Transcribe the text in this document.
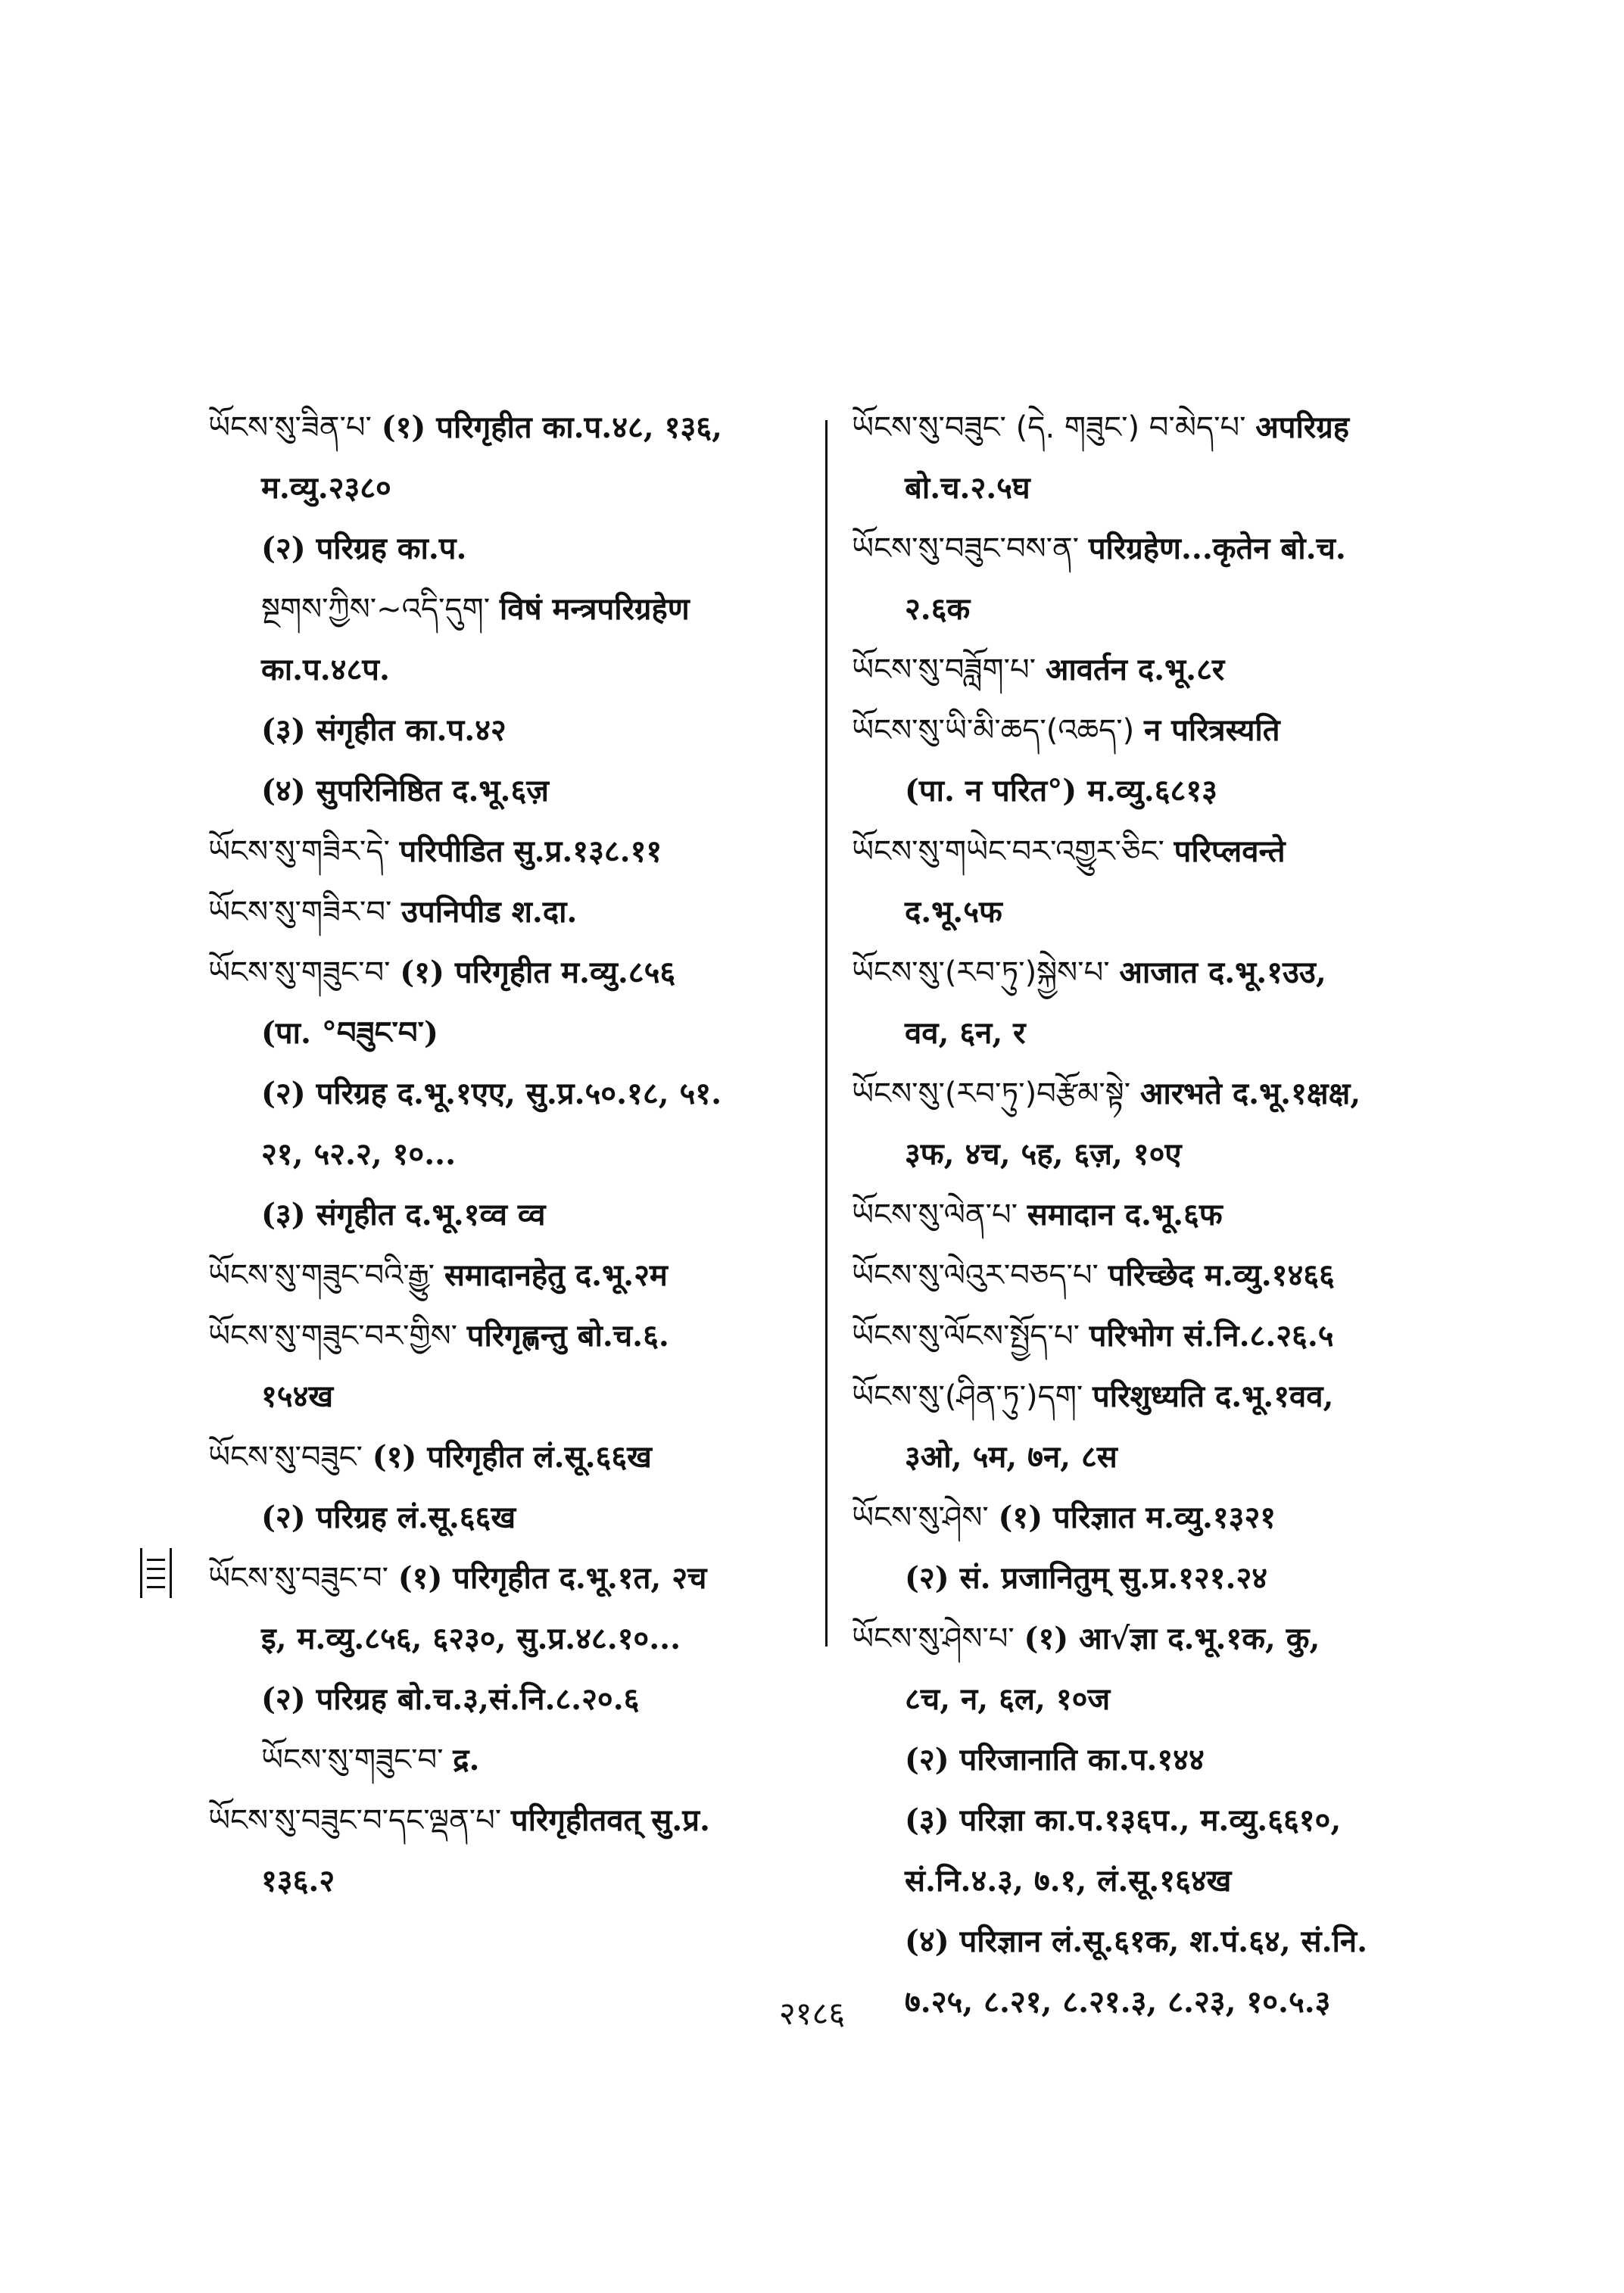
ཡོངས་སུ་ཟིན་པ་ (१) परिगृहीत का.प.४८, १३६,
म.व्यु.२३८०
(२) परिग्रह का.प.
སྔགས་ཀྱིས་~འདི་དུག་ विषं मन्त्रपरिग्रहेण
का.प.४८प.
(३) संगृहीत का.प.४२
(४) सुपरिनिष्ठित द.भू.६ज़
ཡོངས་སུ་གཟིར་དེ་ परिपीडित सु.प्र.१३८.११
ཡོངས་སུ་གཟིར་བ་ उपनिपीड श.दा.
ཡོངས་སུ་གཟུང་བ་ (१) परिगृहीत म.व्यु.८५६
(पा. °བཟུང་བ་)
(२) परिग्रह द.भू.१एए, सु.प्र.५०.१८, ५१.
२१, ५२.२, १०...
(३) संगृहीत द.भू.१व्व व्व
ཡོངས་སུ་གཟུང་བའི་རྒྱུ་ समादानहेतु द.भू.२म
ཡོངས་སུ་གཟུང་བར་གྱིས་ परिगृह्णन्तु बो.च.६.
१५४ख
ཡོངས་སུ་བཟུང་ (१) परिगृहीत लं.सू.६६ख
(२) परिग्रह लं.सू.६६ख
ཡོངས་སུ་བཟུང་བ་ (१) परिगृहीत द.भू.१त, २च
इ, म.व्यु.८५६, ६२३०, सु.प्र.४८.१०...
(२) परिग्रह बो.च.३,सं.नि.८.२०.६
ཡོངས་སུ་གཟུང་བ་ द्र.
ཡོངས་སུ་བཟུང་བ་དང་ལྡན་པ་ परिगृहीतवत् सु.प्र.
१३६.२
ཡོངས་སུ་བཟུང་ (དེ. གཟུང་) བ་མེད་པ་ अपरिग्रह
बो.च.२.५घ
ཡོངས་སུ་བཟུང་བས་ན་ परिग्रहेण...कृतेन बो.च.
२.६क
ཡོངས་སུ་བཟློག་པ་ आवर्तन द.भू.८र
ཡོངས་སུ་ཡི་མི་ཆད་(འཆད་) न परित्रस्यति
(पा. न परित°) म.व्यु.६८१३
ཡོངས་སུ་གཡེང་བར་འགྱུར་ཅིང་ परिप्लवन्ते
द.भू.५फ
ཡོངས་སུ་(རབ་ཏུ་)སྐྱེས་པ་ आजात द.भू.१उउ,
वव, ६न, र
ཡོངས་སུ་(རབ་ཏུ་)བརྩོམ་སྟེ་ आरभते द.भू.१क्षक्ष,
३फ, ४च, ५ह, ६ज़, १०ए
ཡོངས་སུ་ལེན་པ་ समादान द.भू.६फ
ཡོངས་སུ་ལེའུར་བཅད་པ་ परिच्छेद म.व्यु.१४६६
ཡོངས་སུ་ལོངས་སྤྱོད་པ་ परिभोग सं.नि.८.२६.५
ཡོངས་སུ་(ཤིན་ཏུ་)དག་ परिशुध्यति द.भू.१वव,
३ओ, ५म, ७न, ८स
ཡོངས་སུ་ཤེས་ (१) परिज्ञात म.व्यु.१३२१
(२) सं. प्रजानितुम् सु.प्र.१२१.२४
ཡོངས་སུ་ཤེས་པ་ (१) आ√ज्ञा द.भू.१क, कु,
८च, न, ६ल, १०ज
(२) परिजानाति का.प.१४४
(३) परिज्ञा का.प.१३६प., म.व्यु.६६१०,
सं.नि.४.३, ७.१, लं.सू.१६४ख
(४) परिज्ञान लं.सू.६१क, श.पं.६४, सं.नि.
७.२५, ८.२१, ८.२१.३, ८.२३, १०.५.३
२१८६
